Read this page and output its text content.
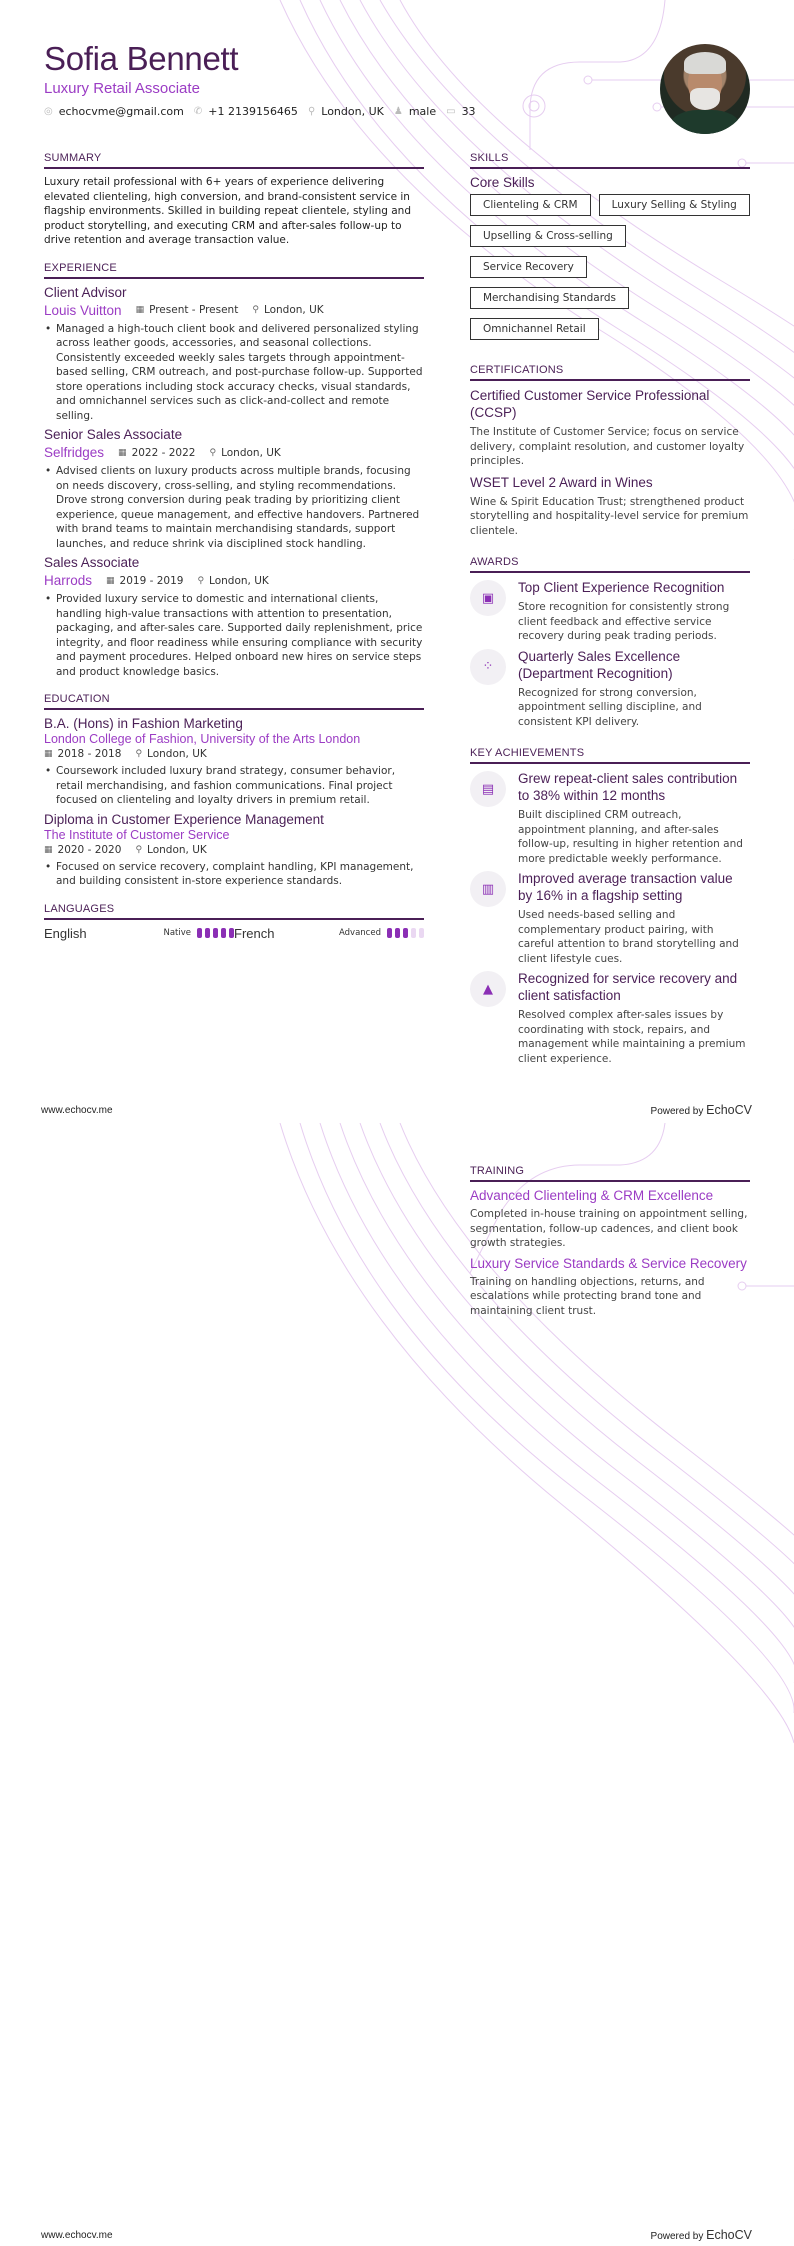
Sofia Bennett
Luxury Retail Associate
◎ echocvme@gmail.com ✆ +1 2139156465 ⚲ London, UK ♟ male ▭ 33
SUMMARY
Luxury retail professional with 6+ years of experience delivering elevated clienteling, high conversion, and brand-consistent service in flagship environments. Skilled in building repeat clientele, styling and product storytelling, and executing CRM and after-sales follow-up to drive retention and average transaction value.
EXPERIENCE
Client Advisor
Louis Vuitton ▦ Present - Present ⚲ London, UK
• Managed a high-touch client book and delivered personalized styling across leather goods, accessories, and seasonal collections. Consistently exceeded weekly sales targets through appointment-based selling, CRM outreach, and post-purchase follow-up. Supported store operations including stock accuracy checks, visual standards, and omnichannel services such as click-and-collect and remote selling.
Senior Sales Associate
Selfridges ▦ 2022 - 2022 ⚲ London, UK
• Advised clients on luxury products across multiple brands, focusing on needs discovery, cross-selling, and styling recommendations. Drove strong conversion during peak trading by prioritizing client experience, queue management, and effective handovers. Partnered with brand teams to maintain merchandising standards, support launches, and reduce shrink via disciplined stock handling.
Sales Associate
Harrods ▦ 2019 - 2019 ⚲ London, UK
• Provided luxury service to domestic and international clients, handling high-value transactions with attention to presentation, packaging, and after-sales care. Supported daily replenishment, price integrity, and floor readiness while ensuring compliance with security and payment procedures. Helped onboard new hires on service steps and product knowledge basics.
EDUCATION
B.A. (Hons) in Fashion Marketing
London College of Fashion, University of the Arts London
▦ 2018 - 2018 ⚲ London, UK
• Coursework included luxury brand strategy, consumer behavior, retail merchandising, and fashion communications. Final project focused on clienteling and loyalty drivers in premium retail.
Diploma in Customer Experience Management
The Institute of Customer Service
▦ 2020 - 2020 ⚲ London, UK
• Focused on service recovery, complaint handling, KPI management, and building consistent in-store experience standards.
LANGUAGES
English	Native	French	Advanced
SKILLS
Core Skills
Clienteling & CRM	Luxury Selling & Styling
Upselling & Cross-selling
Service Recovery
Merchandising Standards
Omnichannel Retail
CERTIFICATIONS
Certified Customer Service Professional (CCSP)
The Institute of Customer Service; focus on service delivery, complaint resolution, and customer loyalty principles.
WSET Level 2 Award in Wines
Wine & Spirit Education Trust; strengthened product storytelling and hospitality-level service for premium clientele.
AWARDS
▣
Top Client Experience Recognition
Store recognition for consistently strong client feedback and effective service recovery during peak trading periods.
⁘
Quarterly Sales Excellence (Department Recognition)
Recognized for strong conversion, appointment selling discipline, and consistent KPI delivery.
KEY ACHIEVEMENTS
▤
Grew repeat-client sales contribution to 38% within 12 months
Built disciplined CRM outreach, appointment planning, and after-sales follow-up, resulting in higher retention and more predictable weekly performance.
▥
Improved average transaction value by 16% in a flagship setting
Used needs-based selling and complementary product pairing, with careful attention to brand storytelling and client lifestyle cues.
▲
Recognized for service recovery and client satisfaction
Resolved complex after-sales issues by coordinating with stock, repairs, and management while maintaining a premium client experience.
www.echocv.me	Powered by EchoCV
TRAINING
Advanced Clienteling & CRM Excellence
Completed in-house training on appointment selling, segmentation, follow-up cadences, and client book growth strategies.
Luxury Service Standards & Service Recovery
Training on handling objections, returns, and escalations while protecting brand tone and maintaining client trust.
www.echocv.me	Powered by EchoCV
